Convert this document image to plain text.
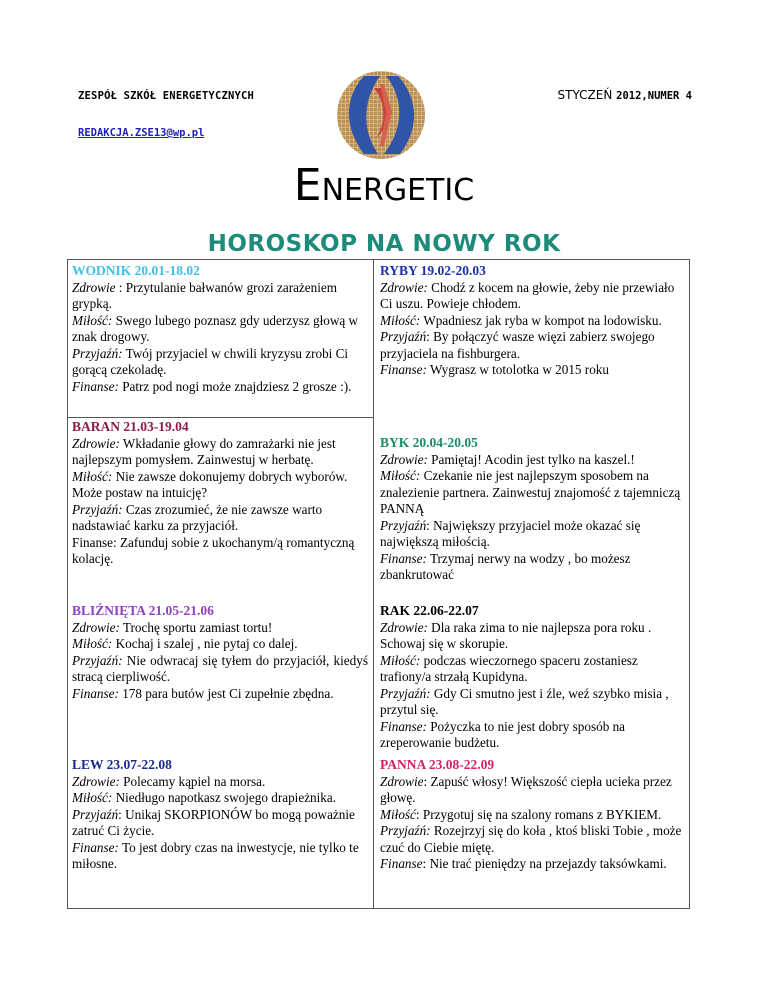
ZESPÓŁ SZKÓŁ ENERGETYCZNYCH
REDAKCJA.ZSE13@wp.pl
STYCZEŃ 2012,NUMER 4
ENERGETIC
HOROSKOP NA NOWY ROK

WODNIK 20.01-18.02

Zdrowie : Przytulanie bałwanów grozi zarażeniem grypką.

Miłość: Swego lubego poznasz gdy uderzysz głową w znak drogowy.

Przyjaźń: Twój przyjaciel w chwili kryzysu zrobi Ci gorącą czekoladę.

Finanse: Patrz pod nogi może znajdziesz 2 grosze :).

RYBY 19.02-20.03

Zdrowie: Chodź z kocem na głowie, żeby nie przewiało Ci uszu. Powieje chłodem.

Miłość: Wpadniesz jak ryba w kompot na lodowisku.

Przyjaźń: By połączyć wasze więzi zabierz swojego przyjaciela na fishburgera.

Finanse: Wygrasz w totolotka w 2015 roku

BARAN 21.03-19.04

Zdrowie: Wkładanie głowy do zamrażarki nie jest najlepszym pomysłem. Zainwestuj w herbatę.

Miłość: Nie zawsze dokonujemy dobrych wyborów. Może postaw na intuicję?

Przyjaźń: Czas zrozumieć, że nie zawsze warto nadstawiać karku za przyjaciół.

Finanse: Zafunduj sobie z ukochanym/ą romantyczną kolację.

BYK 20.04-20.05

Zdrowie: Pamiętaj! Acodin jest tylko na kaszel.!

Miłość: Czekanie nie jest najlepszym sposobem na znalezienie partnera. Zainwestuj znajomość z tajemniczą PANNĄ

Przyjaźń: Największy przyjaciel może okazać się największą miłością.

Finanse: Trzymaj nerwy na wodzy , bo możesz zbankrutować

BLIŹNIĘTA 21.05-21.06

Zdrowie: Trochę sportu zamiast tortu!

Miłość: Kochaj i szalej , nie pytaj co dalej.

Przyjaźń: Nie odwracaj się tyłem do przyjaciół, kiedyś stracą cierpliwość.

Finanse: 178 para butów jest Ci zupełnie zbędna.

RAK 22.06-22.07

Zdrowie: Dla raka zima to nie najlepsza pora roku . Schowaj się w skorupie.

Miłość: podczas wieczornego spaceru zostaniesz trafiony/a strzałą Kupidyna.

Przyjaźń: Gdy Ci smutno jest i źle, weź szybko misia , przytul się.

Finanse: Pożyczka to nie jest dobry sposób na zreperowanie budżetu.

LEW 23.07-22.08

Zdrowie: Polecamy kąpiel na morsa.

Miłość: Niedługo napotkasz swojego drapieżnika.

Przyjaźń: Unikaj SKORPIONÓW bo mogą poważnie zatruć Ci życie.

Finanse: To jest dobry czas na inwestycje, nie tylko te miłosne.

PANNA 23.08-22.09

Zdrowie: Zapuść włosy! Większość ciepła ucieka przez głowę.

Miłość: Przygotuj się na szalony romans z BYKIEM.

Przyjaźń: Rozejrzyj się do koła , ktoś bliski Tobie , może czuć do Ciebie miętę.

Finanse: Nie trać pieniędzy na przejazdy taksówkami.
